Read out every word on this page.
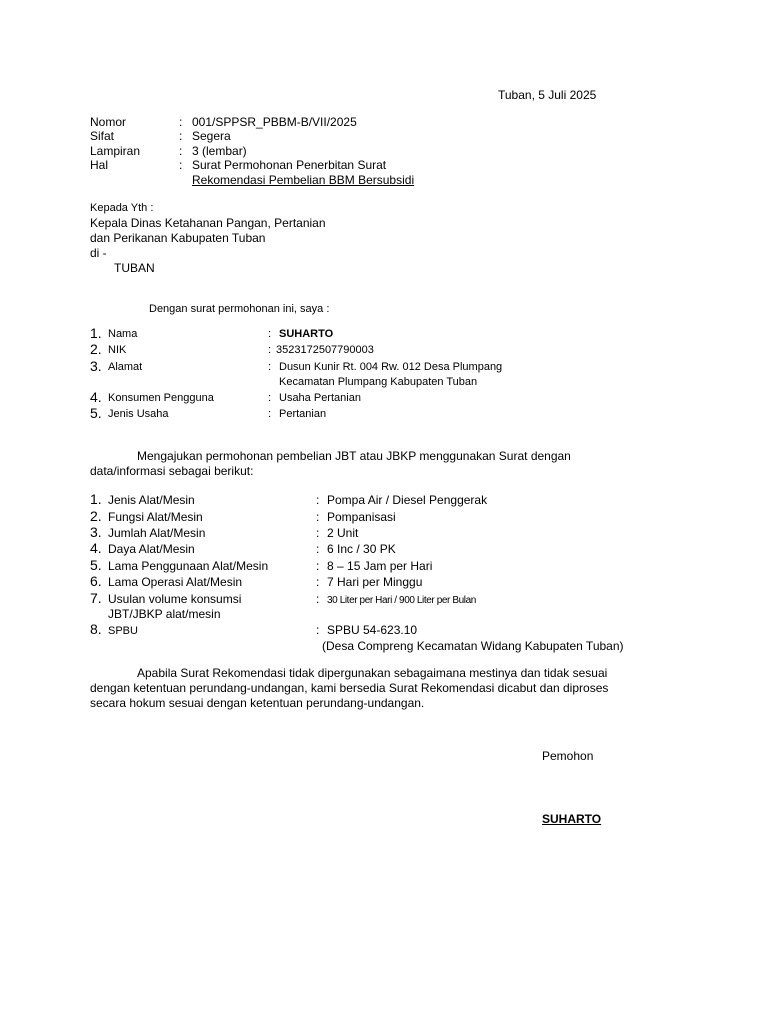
Tuban, 5 Juli 2025
Nomor	: 001/SPPSR_PBBM-B/VII/2025
Sifat	: Segera
Lampiran	: 3 (lembar)
Hal	: Surat Permohonan Penerbitan Surat
Rekomendasi Pembelian BBM Bersubsidi
Kepada Yth :
Kepala Dinas Ketahanan Pangan, Pertanian
dan Perikanan Kabupaten Tuban
di -
TUBAN
Dengan surat permohonan ini, saya :
1. Nama	: SUHARTO
2. NIK	: 3523172507790003
3. Alamat	: Dusun Kunir Rt. 004 Rw. 012 Desa Plumpang
Kecamatan Plumpang Kabupaten Tuban
4. Konsumen Pengguna	: Usaha Pertanian
5. Jenis Usaha	: Pertanian
Mengajukan permohonan pembelian JBT atau JBKP menggunakan Surat dengan
data/informasi sebagai berikut:
1. Jenis Alat/Mesin	: Pompa Air / Diesel Penggerak
2. Fungsi Alat/Mesin	: Pompanisasi
3. Jumlah Alat/Mesin	: 2 Unit
4. Daya Alat/Mesin	: 6 Inc / 30 PK
5. Lama Penggunaan Alat/Mesin	: 8 – 15 Jam per Hari
6. Lama Operasi Alat/Mesin	: 7 Hari per Minggu
7. Usulan volume konsumsi	: 30 Liter per Hari / 900 Liter per Bulan
JBT/JBKP alat/mesin
8. SPBU	: SPBU 54-623.10
(Desa Compreng Kecamatan Widang Kabupaten Tuban)
Apabila Surat Rekomendasi tidak dipergunakan sebagaimana mestinya dan tidak sesuai
dengan ketentuan perundang-undangan, kami bersedia Surat Rekomendasi dicabut dan diproses
secara hokum sesuai dengan ketentuan perundang-undangan.
Pemohon
SUHARTO
